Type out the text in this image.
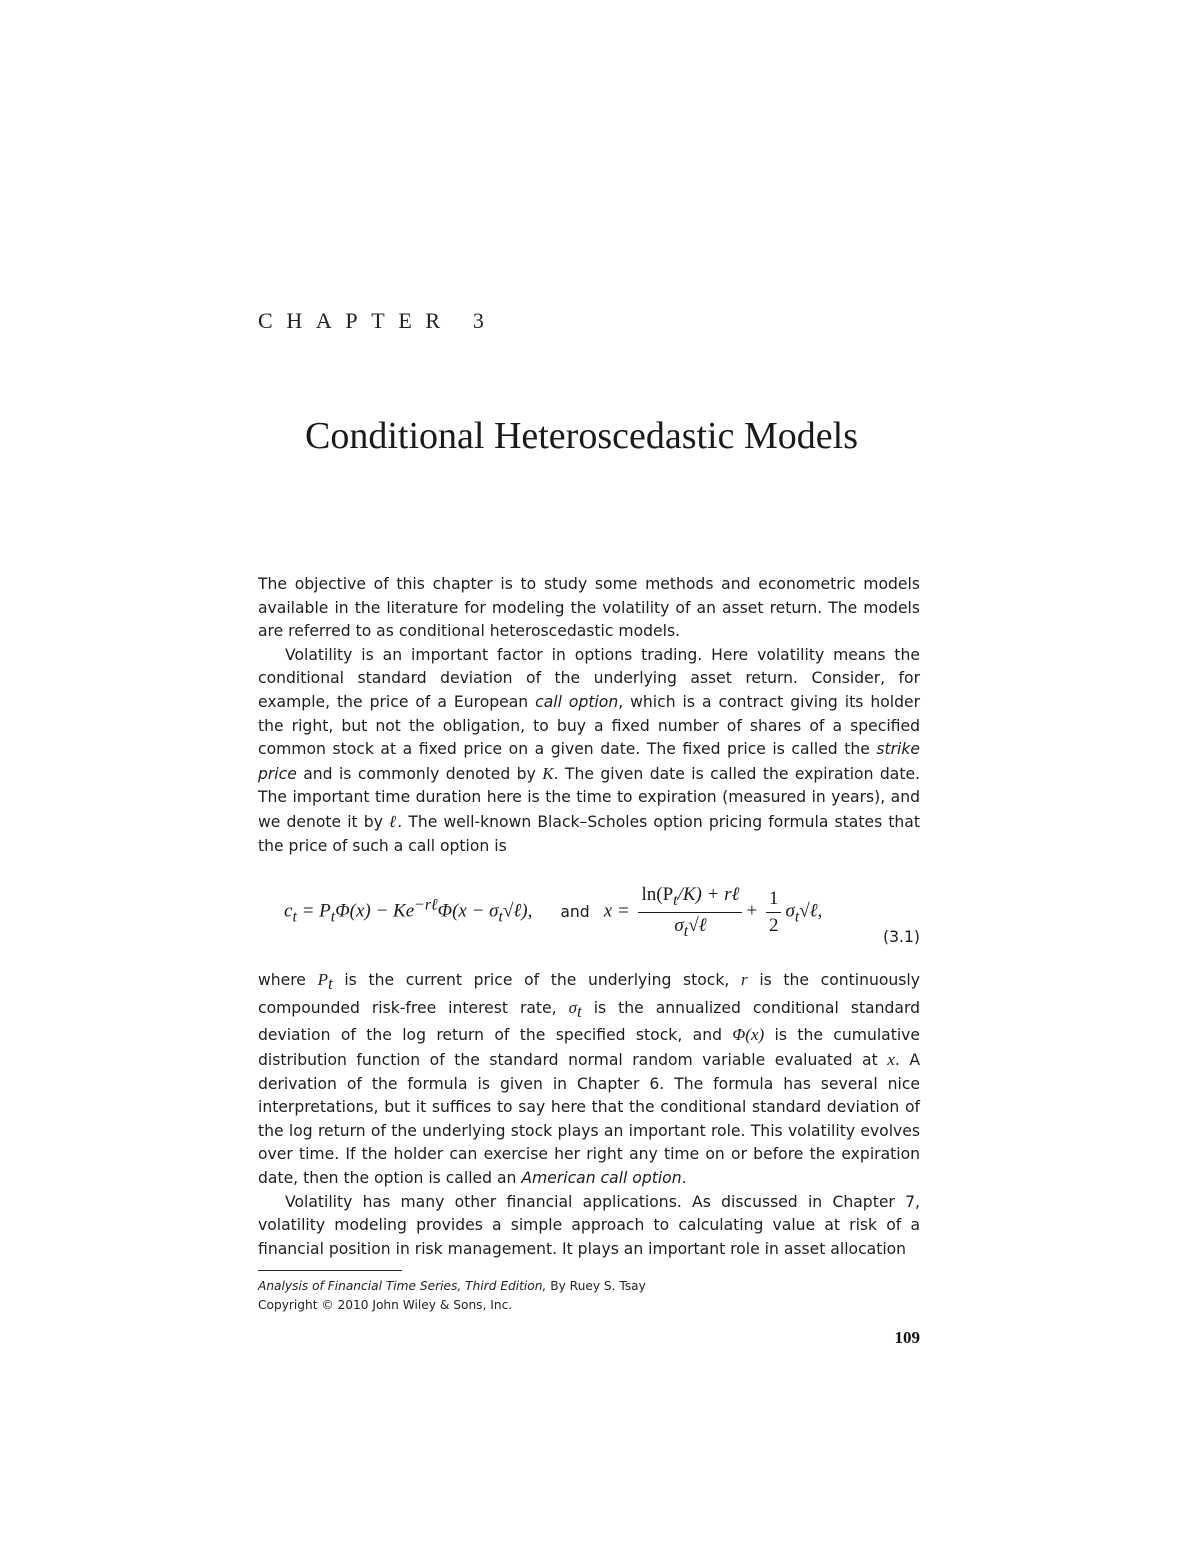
CHAPTER 3
Conditional Heteroscedastic Models

The objective of this chapter is to study some methods and econometric models available in the literature for modeling the volatility of an asset return. The models are referred to as conditional heteroscedastic models.

Volatility is an important factor in options trading. Here volatility means the conditional standard deviation of the underlying asset return. Consider, for example, the price of a European call option, which is a contract giving its holder the right, but not the obligation, to buy a fixed number of shares of a specified common stock at a fixed price on a given date. The fixed price is called the strike price and is commonly denoted by K. The given date is called the expiration date. The important time duration here is the time to expiration (measured in years), and we denote it by ℓ. The well-known Black–Scholes option pricing formula states that the price of such a call option is

$c_t = P_t\Phi(x) - Ke^{-r\ell}\Phi(x$ − $\sigma_t√\ell$), and $x = \frac{\ln(P_t/K) + r\ell}{\sigma_t√\ell} + \frac{1}{2}$ $\sigma_t√\ell$,
(3.1)

where $P_t$ is the current price of the underlying stock, r is the continuously compounded risk-free interest rate, $\sigma_t$ is the annualized conditional standard deviation of the log return of the specified stock, and Φ(x) is the cumulative distribution function of the standard normal random variable evaluated at x. A derivation of the formula is given in Chapter 6. The formula has several nice interpretations, but it suffices to say here that the conditional standard deviation of the log return of the underlying stock plays an important role. This volatility evolves over time. If the holder can exercise her right any time on or before the expiration date, then the option is called an American call option.

Volatility has many other financial applications. As discussed in Chapter 7, volatility modeling provides a simple approach to calculating value at risk of a financial position in risk management. It plays an important role in asset allocation

Analysis of Financial Time Series, Third Edition, By Ruey S. Tsay
Copyright © 2010 John Wiley & Sons, Inc.
109
